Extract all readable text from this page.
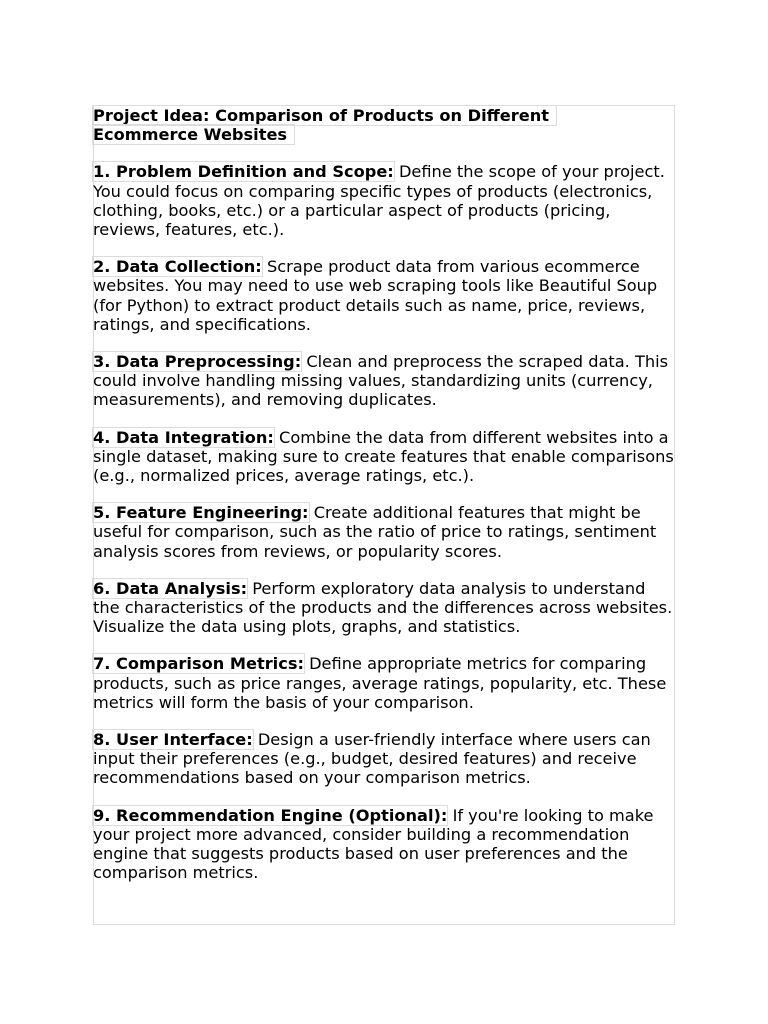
Project Idea: Comparison of Products on Different
Ecommerce Websites
1. Problem Definition and Scope: Define the scope of your project. You could focus on comparing specific types of products (electronics, clothing, books, etc.) or a particular aspect of products (pricing, reviews, features, etc.).
2. Data Collection: Scrape product data from various ecommerce websites. You may need to use web scraping tools like Beautiful Soup (for Python) to extract product details such as name, price, reviews, ratings, and specifications.
3. Data Preprocessing: Clean and preprocess the scraped data. This could involve handling missing values, standardizing units (currency, measurements), and removing duplicates.
4. Data Integration: Combine the data from different websites into a single dataset, making sure to create features that enable comparisons (e.g., normalized prices, average ratings, etc.).
5. Feature Engineering: Create additional features that might be useful for comparison, such as the ratio of price to ratings, sentiment analysis scores from reviews, or popularity scores.
6. Data Analysis: Perform exploratory data analysis to understand the characteristics of the products and the differences across websites. Visualize the data using plots, graphs, and statistics.
7. Comparison Metrics: Define appropriate metrics for comparing products, such as price ranges, average ratings, popularity, etc. These metrics will form the basis of your comparison.
8. User Interface: Design a user-friendly interface where users can input their preferences (e.g., budget, desired features) and receive recommendations based on your comparison metrics.
9. Recommendation Engine (Optional): If you're looking to make your project more advanced, consider building a recommendation engine that suggests products based on user preferences and the comparison metrics.
